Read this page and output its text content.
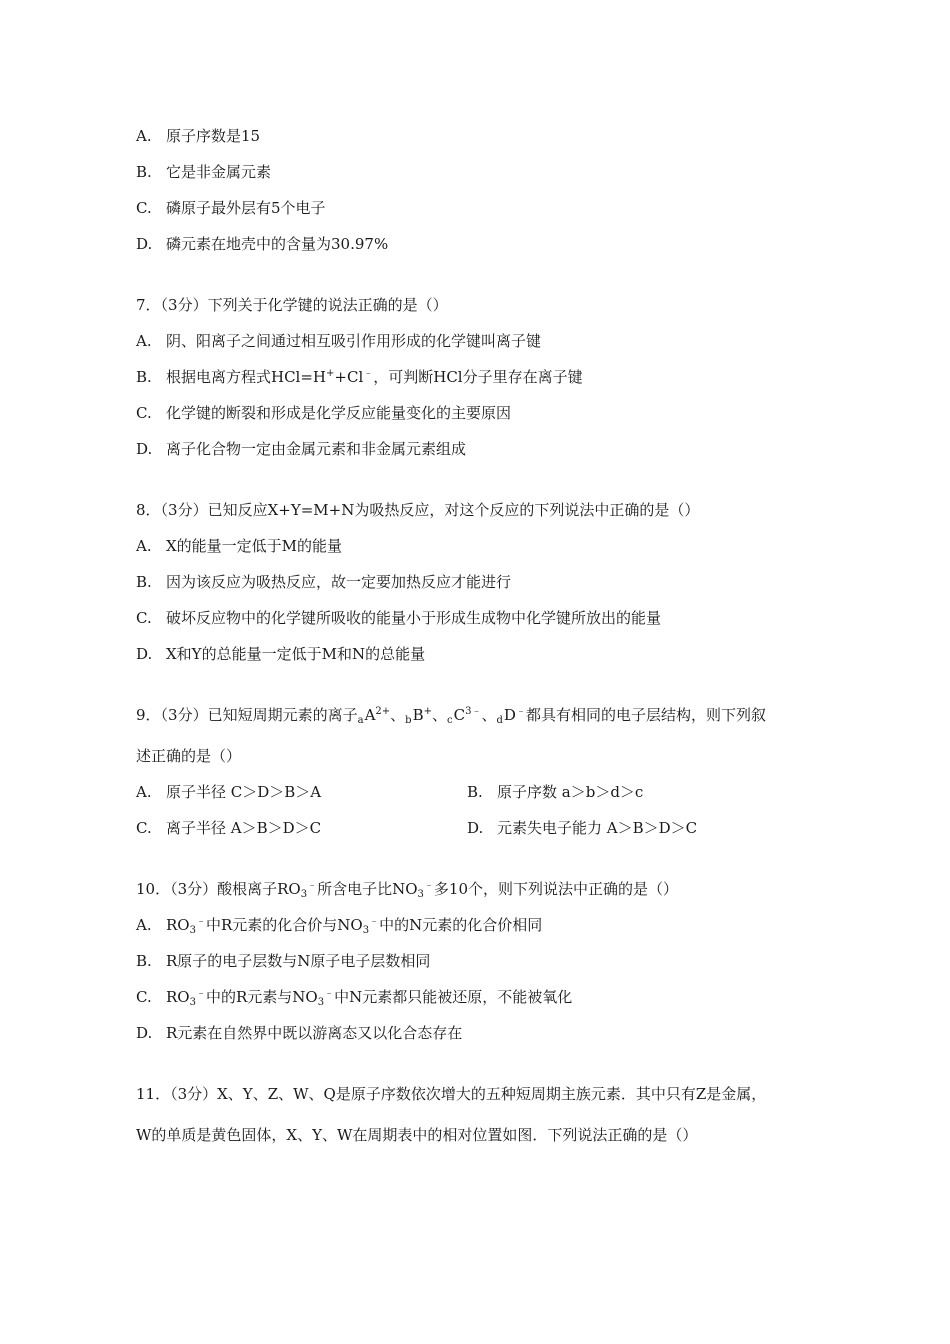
A. 原子序数是15
B. 它是非金属元素
C. 磷原子最外层有5个电子
D. 磷元素在地壳中的含量为30.97%
7．（3分）下列关于化学键的说法正确的是（）
A. 阴、阳离子之间通过相互吸引作用形成的化学键叫离子键
B. 根据电离方程式HCl=H++Cl﹣，可判断HCl分子里存在离子键
C. 化学键的断裂和形成是化学反应能量变化的主要原因
D. 离子化合物一定由金属元素和非金属元素组成
8．（3分）已知反应X+Y=M+N为吸热反应，对这个反应的下列说法中正确的是（）
A. X的能量一定低于M的能量
B. 因为该反应为吸热反应，故一定要加热反应才能进行
C. 破坏反应物中的化学键所吸收的能量小于形成生成物中化学键所放出的能量
D. X和Y的总能量一定低于M和N的总能量
9．（3分）已知短周期元素的离子$_aA^{2+}$、$_b$B+、$_cC^{3﹣}$、$_d$D﹣都具有相同的电子层结构，则下列叙
述正确的是（）
A. 原子半径 C＞D＞B＞A	B. 原子序数 a＞b＞d＞c
C. 离子半径 A＞B＞D＞C	D. 元素失电子能力 A＞B＞D＞C
10．（3分）酸根离子$RO_3^﹣$所含电子比$NO_3^﹣$多10个，则下列说法中正确的是（）
A. $RO_3^﹣$中R元素的化合价与$NO_3^﹣$中的N元素的化合价相同
B. R原子的电子层数与N原子电子层数相同
C. $RO_3^﹣$中的R元素与$NO_3^﹣$中N元素都只能被还原，不能被氧化
D. R元素在自然界中既以游离态又以化合态存在
11．（3分）X、Y、Z、W、Q是原子序数依次增大的五种短周期主族元素．其中只有Z是金属，
W的单质是黄色固体，X、Y、W在周期表中的相对位置如图．下列说法正确的是（）
